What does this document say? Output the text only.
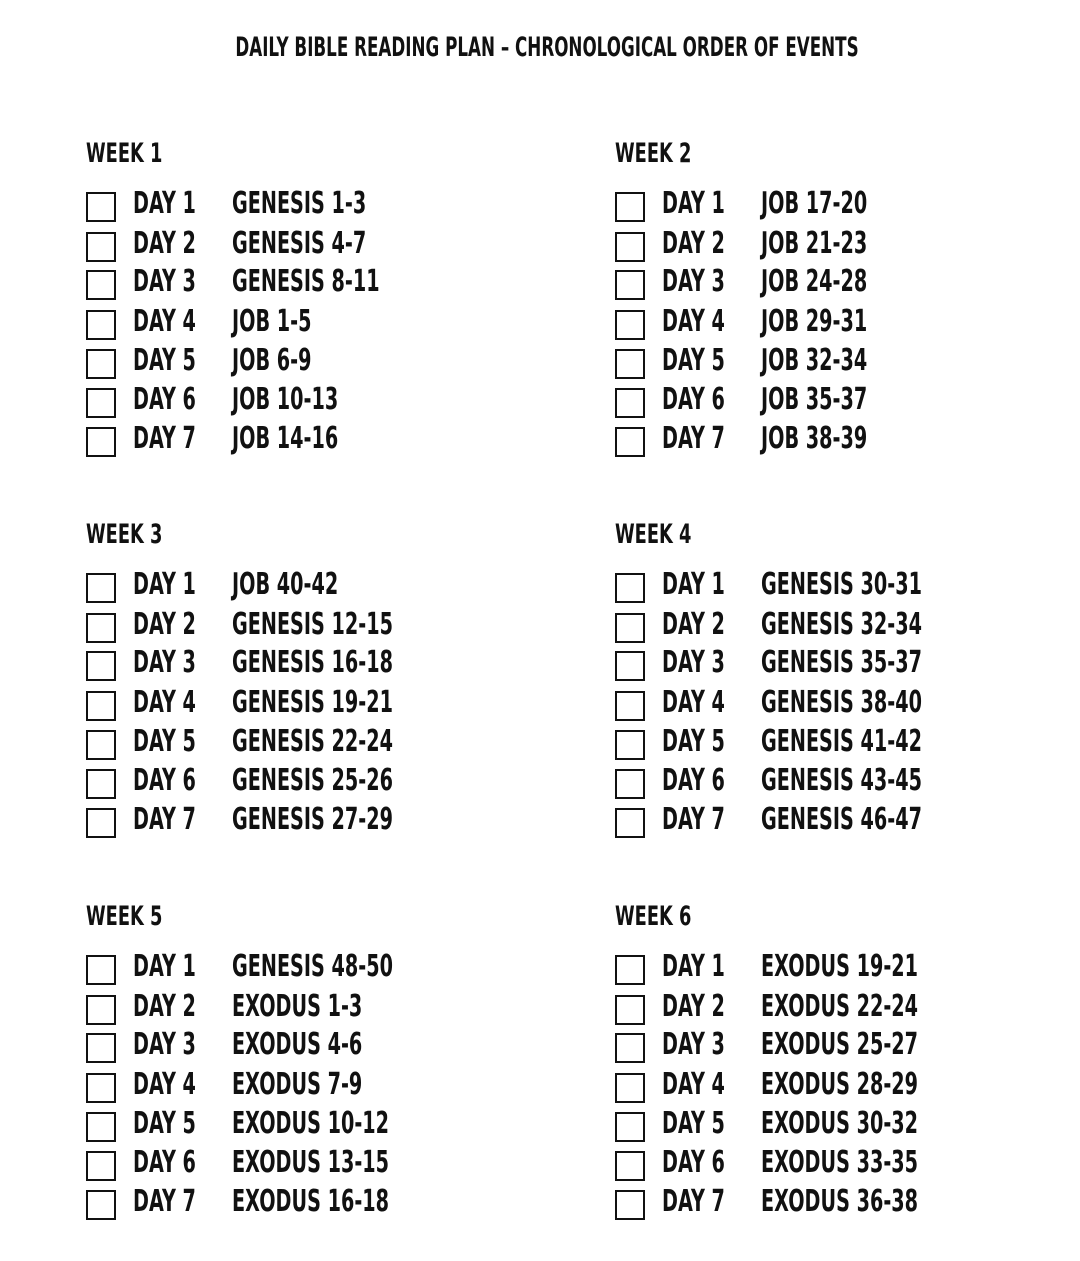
DAILY BIBLE READING PLAN – CHRONOLOGICAL ORDER OF EVENTS
WEEK 1
DAY 1 GENESIS 1-3
DAY 2 GENESIS 4-7
DAY 3 GENESIS 8-11
DAY 4 JOB 1-5
DAY 5 JOB 6-9
DAY 6 JOB 10-13
DAY 7 JOB 14-16
WEEK 2
DAY 1 JOB 17-20
DAY 2 JOB 21-23
DAY 3 JOB 24-28
DAY 4 JOB 29-31
DAY 5 JOB 32-34
DAY 6 JOB 35-37
DAY 7 JOB 38-39
WEEK 3
DAY 1 JOB 40-42
DAY 2 GENESIS 12-15
DAY 3 GENESIS 16-18
DAY 4 GENESIS 19-21
DAY 5 GENESIS 22-24
DAY 6 GENESIS 25-26
DAY 7 GENESIS 27-29
WEEK 4
DAY 1 GENESIS 30-31
DAY 2 GENESIS 32-34
DAY 3 GENESIS 35-37
DAY 4 GENESIS 38-40
DAY 5 GENESIS 41-42
DAY 6 GENESIS 43-45
DAY 7 GENESIS 46-47
WEEK 5
DAY 1 GENESIS 48-50
DAY 2 EXODUS 1-3
DAY 3 EXODUS 4-6
DAY 4 EXODUS 7-9
DAY 5 EXODUS 10-12
DAY 6 EXODUS 13-15
DAY 7 EXODUS 16-18
WEEK 6
DAY 1 EXODUS 19-21
DAY 2 EXODUS 22-24
DAY 3 EXODUS 25-27
DAY 4 EXODUS 28-29
DAY 5 EXODUS 30-32
DAY 6 EXODUS 33-35
DAY 7 EXODUS 36-38
